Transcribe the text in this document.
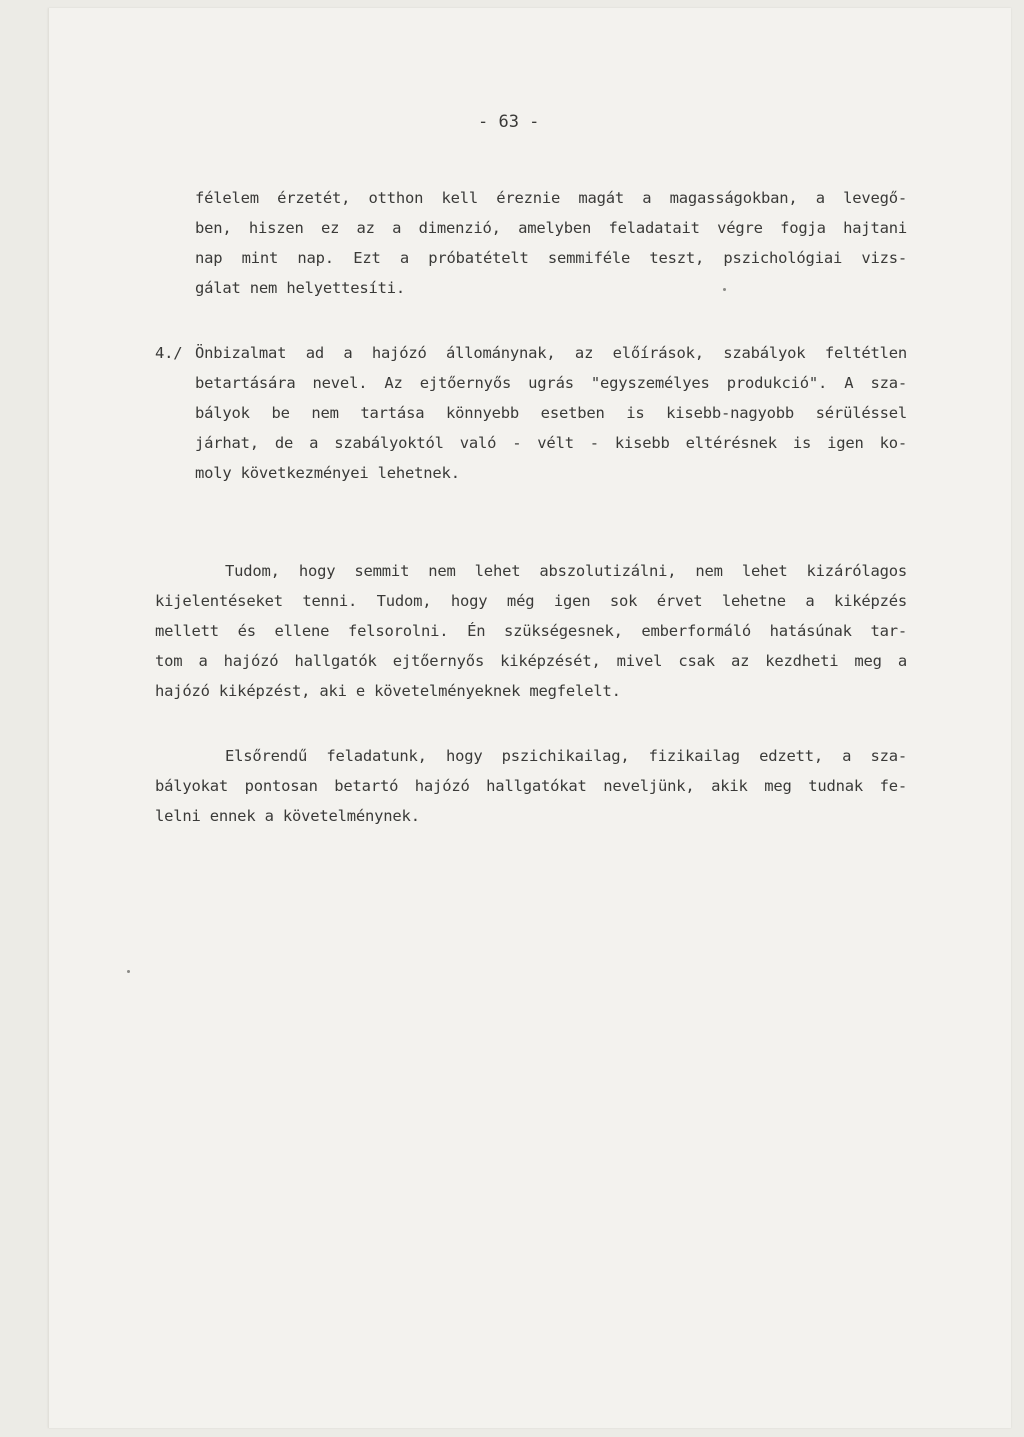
- 63 -

félelem érzetét, otthon kell éreznie magát a magasságokban, a levegő-
ben, hiszen ez az a dimenzió, amelyben feladatait végre fogja hajtani
nap mint nap. Ezt a próbatételt semmiféle teszt, pszichológiai vizs-
gálat nem helyettesíti.

4./ Önbizalmat ad a hajózó állománynak, az előírások, szabályok feltétlen
betartására nevel. Az ejtőernyős ugrás "egyszemélyes produkció". A sza-
bályok be nem tartása könnyebb esetben is kisebb-nagyobb sérüléssel
járhat, de a szabályoktól való - vélt - kisebb eltérésnek is igen ko-
moly következményei lehetnek.

Tudom, hogy semmit nem lehet abszolutizálni, nem lehet kizárólagos
kijelentéseket tenni. Tudom, hogy még igen sok érvet lehetne a kiképzés
mellett és ellene felsorolni. Én szükségesnek, emberformáló hatásúnak tar-
tom a hajózó hallgatók ejtőernyős kiképzését, mivel csak az kezdheti meg a
hajózó kiképzést, aki e követelményeknek megfelelt.

Elsőrendű feladatunk, hogy pszichikailag, fizikailag edzett, a sza-
bályokat pontosan betartó hajózó hallgatókat neveljünk, akik meg tudnak fe-
lelni ennek a követelménynek.
